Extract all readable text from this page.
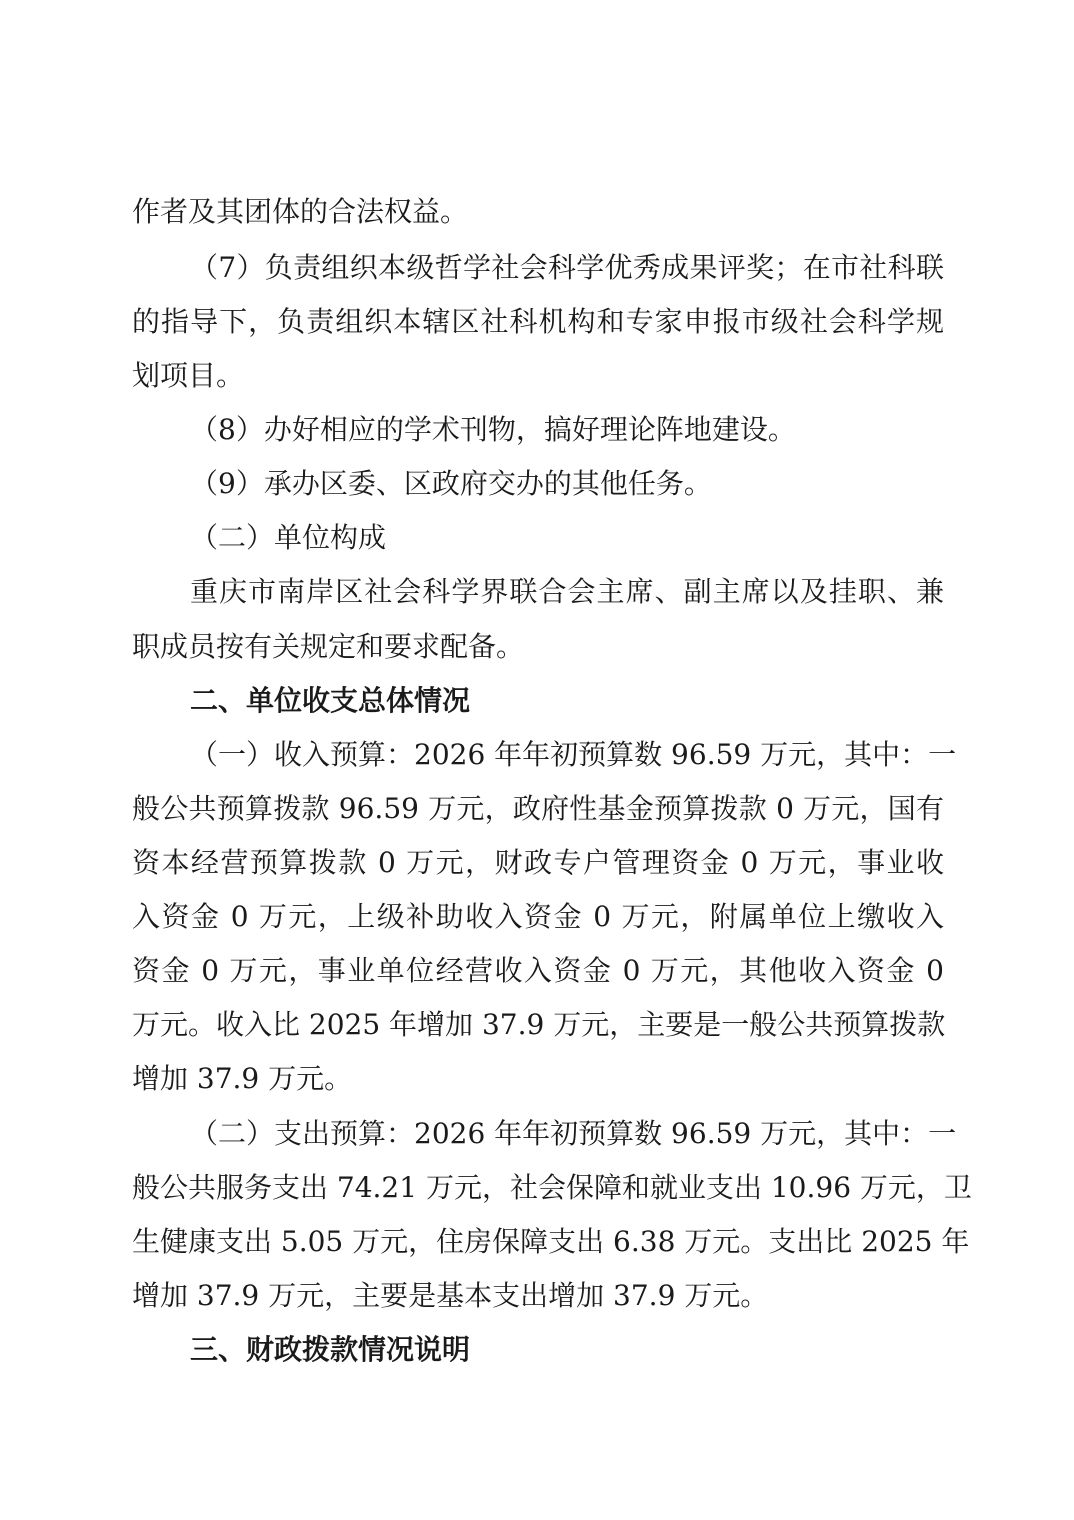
作者及其团体的合法权益。
（7）负责组织本级哲学社会科学优秀成果评奖；在市社科联
的指导下，负责组织本辖区社科机构和专家申报市级社会科学规
划项目。
（8）办好相应的学术刊物，搞好理论阵地建设。
（9）承办区委、区政府交办的其他任务。
（二）单位构成
重庆市南岸区社会科学界联合会主席、副主席以及挂职、兼
职成员按有关规定和要求配备。
二、单位收支总体情况
（一）收入预算：2026 年年初预算数 96.59 万元，其中：一
般公共预算拨款 96.59 万元，政府性基金预算拨款 0 万元，国有
资本经营预算拨款 0 万元，财政专户管理资金 0 万元，事业收
入资金 0 万元，上级补助收入资金 0 万元，附属单位上缴收入
资金 0 万元，事业单位经营收入资金 0 万元，其他收入资金 0
万元。收入比 2025 年增加 37.9 万元，主要是一般公共预算拨款
增加 37.9 万元。
（二）支出预算：2026 年年初预算数 96.59 万元，其中：一
般公共服务支出 74.21 万元，社会保障和就业支出 10.96 万元，卫
生健康支出 5.05 万元，住房保障支出 6.38 万元。支出比 2025 年
增加 37.9 万元，主要是基本支出增加 37.9 万元。
三、财政拨款情况说明
